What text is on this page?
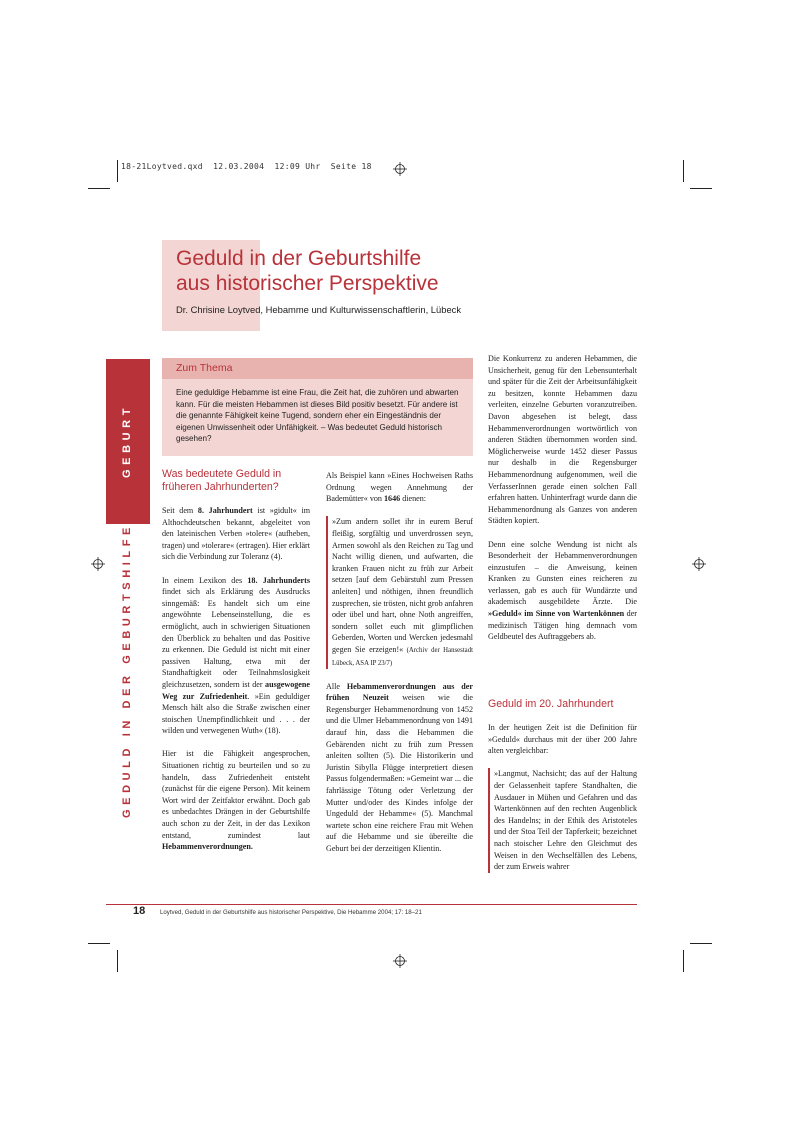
18-21Loytved.qxd  12.03.2004  12:09 Uhr  Seite 18
GEBURT
GEDULD IN DER GEBURTSHILFE
Geduld in der Geburtshilfe
aus historischer Perspektive
Dr. Chrisine Loytved, Hebamme und Kulturwissenschaftlerin, Lübeck
Zum Thema
Eine geduldige Hebamme ist eine Frau, die Zeit hat, die zuhören und abwarten kann. Für die meisten Hebammen ist dieses Bild positiv besetzt. Für andere ist die genannte Fähigkeit keine Tugend, sondern eher ein Eingeständnis der eigenen Unwissenheit oder Unfähigkeit. – Was bedeutet Geduld historisch gesehen?
Was bedeutete Geduld in früheren Jahrhunderten?

Seit dem 8. Jahrhundert ist »gidult« im Althochdeutschen bekannt, abgeleitet von den lateinischen Verben »tolere« (aufheben, tragen) und »tolerare« (ertragen). Hier erklärt sich die Verbindung zur Toleranz (4).

In einem Lexikon des 18. Jahrhunderts findet sich als Erklärung des Ausdrucks sinngemäß: Es handelt sich um eine angewöhnte Lebenseinstellung, die es ermöglicht, auch in schwierigen Situationen den Überblick zu behalten und das Positive zu erkennen. Die Geduld ist nicht mit einer passiven Haltung, etwa mit der Standhaftigkeit oder Teilnahmslosigkeit gleichzusetzen, sondern ist der ausgewogene Weg zur Zufriedenheit. »Ein geduldiger Mensch hält also die Straße zwischen einer stoischen Unempfindlichkeit und . . . der wilden und verwegenen Wuth« (18).

Hier ist die Fähigkeit angesprochen, Situationen richtig zu beurteilen und so zu handeln, dass Zufriedenheit entsteht (zunächst für die eigene Person). Mit keinem Wort wird der Zeitfaktor erwähnt. Doch gab es unbedachtes Drängen in der Geburtshilfe auch schon zu der Zeit, in der das Lexikon entstand, zumindest laut Hebammenverordnungen.

Als Beispiel kann »Eines Hochweisen Raths Ordnung wegen Annehmung der Bademütter« von 1646 dienen:

»Zum andern sollet ihr in eurem Beruf fleißig, sorgfältig und unverdrossen seyn, Armen sowohl als den Reichen zu Tag und Nacht willig dienen, und aufwarten, die kranken Frauen nicht zu früh zur Arbeit setzen [auf dem Gebärstuhl zum Pressen anleiten] und nöthigen, ihnen freundlich zusprechen, sie trösten, nicht grob anfahren oder übel und hart, ohne Noth angreiffen, sondern sollet euch mit glimpflichen Geberden, Worten und Wercken jedesmahl gegen Sie erzeigen!« (Archiv der Hansestadt Lübeck, ASA IP 23/7)

Alle Hebammenverordnungen aus der frühen Neuzeit weisen wie die Regensburger Hebammenordnung von 1452 und die Ulmer Hebammenordnung von 1491 darauf hin, dass die Hebammen die Gebärenden nicht zu früh zum Pressen anleiten sollten (5). Die Historikerin und Juristin Sibylla Flügge interpretiert diesen Passus folgendermaßen: »Gemeint war ... die fahrlässige Tötung oder Verletzung der Mutter und/oder des Kindes infolge der Ungeduld der Hebamme« (5). Manchmal wartete schon eine reichere Frau mit Wehen auf die Hebamme und sie übereilte die Geburt bei der derzeitigen Klientin.

Die Konkurrenz zu anderen Hebammen, die Unsicherheit, genug für den Lebensunterhalt und später für die Zeit der Arbeitsunfähigkeit zu besitzen, konnte Hebammen dazu verleiten, einzelne Geburten voranzutreiben. Davon abgesehen ist belegt, dass Hebammenverordnungen wortwörtlich von anderen Städten übernommen worden sind. Möglicherweise wurde 1452 dieser Passus nur deshalb in die Regensburger Hebammenordnung aufgenommen, weil die VerfasserInnen gerade einen solchen Fall erfahren hatten. Unhinterfragt wurde dann die Hebammenordnung als Ganzes von anderen Städten kopiert.

Denn eine solche Wendung ist nicht als Besonderheit der Hebammenverordnungen einzustufen – die Anweisung, keinen Kranken zu Gunsten eines reicheren zu verlassen, gab es auch für Wundärzte und akademisch ausgebildete Ärzte. Die »Geduld« im Sinne von Wartenkönnen der medizinisch Tätigen hing demnach vom Geldbeutel des Auftraggebers ab.

Geduld im 20. Jahrhundert

In der heutigen Zeit ist die Definition für »Geduld« durchaus mit der über 200 Jahre alten vergleichbar:

»Langmut, Nachsicht; das auf der Haltung der Gelassenheit tapfere Standhalten, die Ausdauer in Mühen und Gefahren und das Wartenkönnen auf den rechten Augenblick des Handelns; in der Ethik des Aristoteles und der Stoa Teil der Tapferkeit; bezeichnet nach stoischer Lehre den Gleichmut des Weisen in den Wechselfällen des Lebens, der zum Erweis wahrer
18 Loytved, Geduld in der Geburtshilfe aus historischer Perspektive, Die Hebamme 2004; 17: 18–21
